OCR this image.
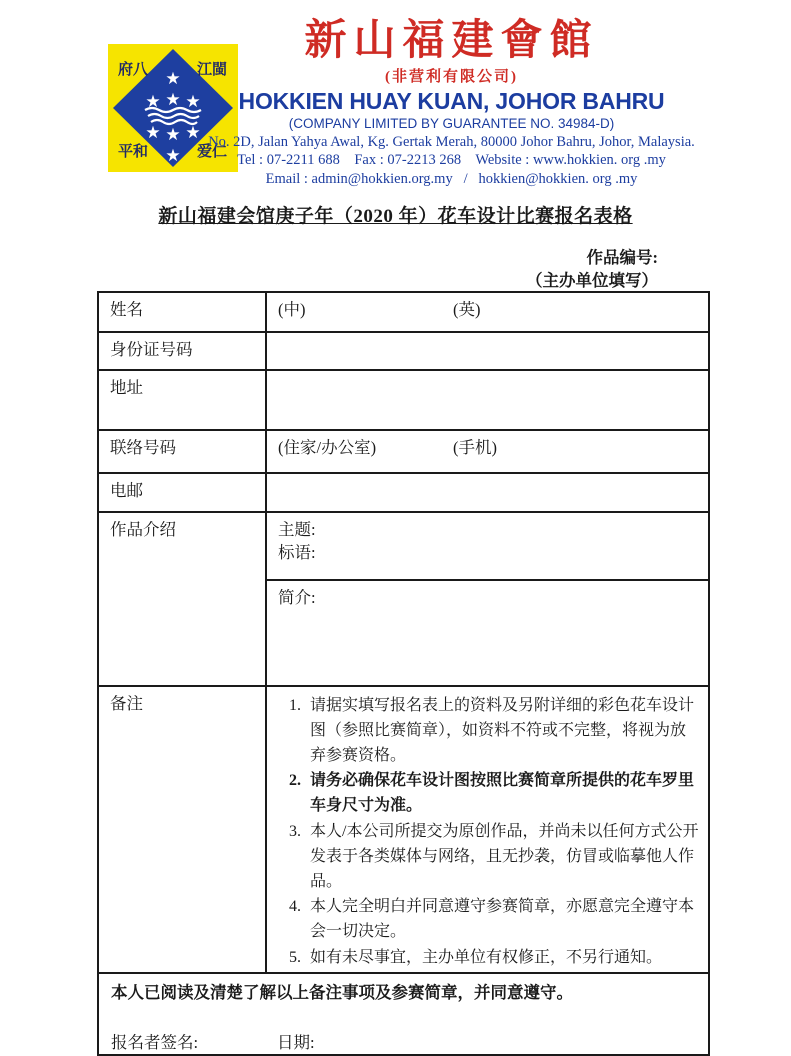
★
★ ★ ★
★ ★ ★
★
府八	江閩
平和	爱仁
新山福建會館
(非营利有限公司)
HOKKIEN HUAY KUAN, JOHOR BAHRU
(COMPANY LIMITED BY GUARANTEE NO. 34984-D)
No. 2D, Jalan Yahya Awal, Kg. Gertak Merah, 80000 Johor Bahru, Johor, Malaysia.
Tel : 07-2211 688    Fax : 07-2213 268    Website : www.hokkien. org .my
Email : admin@hokkien.org.my   /   hokkien@hokkien. org .my
新山福建会馆庚子年（2020 年）花车设计比赛报名表格
作品编号:
（主办单位填写）
姓名	(中) (英)

身份证号码	
地址	
联络号码	(住家/办公室) (手机)

电邮	
作品介绍	主题:
标语:

	简介:

备注	
1.请据实填写报名表上的资料及另附详细的彩色花车设计图（参照比赛简章），如资料不符或不完整，将视为放弃参赛资格。
2. 请务必确保花车设计图按照比赛简章所提供的花车罗里车身尺寸为准。
3. 本人/本公司所提交为原创作品，并尚未以任何方式公开发表于各类媒体与网络，且无抄袭，仿冒或临摹他人作品。
4. 本人完全明白并同意遵守参赛简章，亦愿意完全遵守本会一切决定。
5. 如有未尽事宜，主办单位有权修正，不另行通知。

本人已阅读及清楚了解以上备注事项及参赛简章，并同意遵守。
报名者签名: 日期:	
